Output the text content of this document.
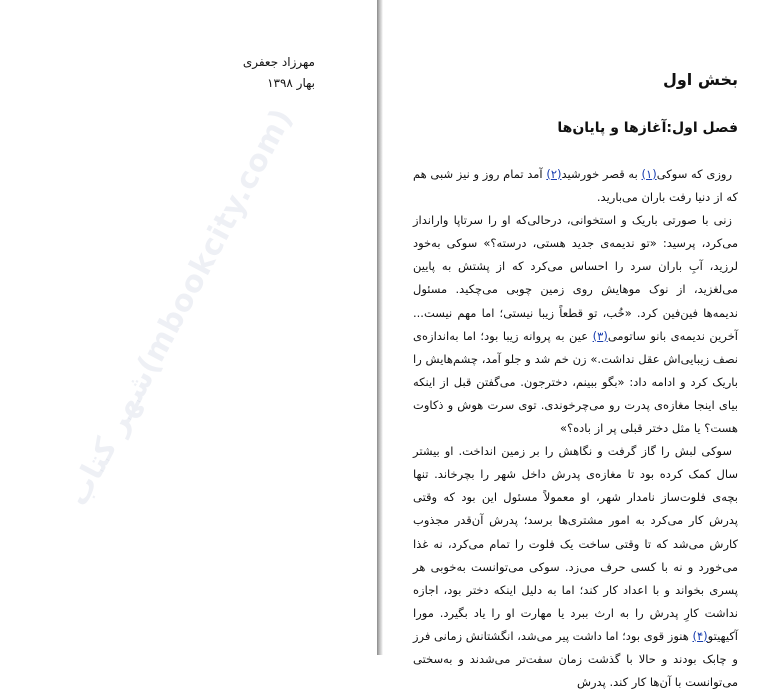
شهر کتاب(mbookcity.com)
مهرزاد جعفری
بهار ۱۳۹۸	بخش اول
فصل اول:آغازها و پایان‌ها

روزی که سوکی(۱) به قصر خورشید(۲) آمد تمام روز و نیز شبی هم که از دنیا رفت باران می‌بارید.

زنی با صورتی باریک و استخوانی، درحالی‌که او را سرتاپا وارانداز می‌کرد، پرسید: «تو ندیمه‌ی جدید هستی، درسته؟» سوکی به‌خود لرزید، آبِ باران سرد را احساس می‌کرد که از پشتش به پایین می‌لغزید، از نوک موهایش روی زمین چوبی می‌چکید. مسئول ندیمه‌ها فین‌فین کرد. «خُب، تو قطعاً زیبا نیستی؛ اما مهم نیست... آخرین ندیمه‌ی بانو ساتومی(۳) عین به پروانه زیبا بود؛ اما به‌اندازه‌ی نصف زیبایی‌اش عقل نداشت.» زن خم شد و جلو آمد، چشم‌هایش را باریک کرد و ادامه داد: «بگو ببینم، دخترجون. می‌گفتن قبل از اینکه بیای اینجا مغازه‌ی پدرت رو می‌چرخوندی. توی سرت هوش و ذکاوت هست؟ یا مثل دختر قبلی پر از باده؟»

سوکی لبش را گاز گرفت و نگاهش را بر زمین انداخت. او بیشتر سال کمک کرده بود تا مغازه‌ی پدرش داخل شهر را بچرخاند. تنها بچه‌ی فلوت‌ساز نامدار شهر، او معمولاً مسئول این بود که وقتی پدرش کار می‌کرد به امور مشتری‌ها برسد؛ پدرش آن‌قدر مجذوب کارش می‌شد که تا وقتی ساخت یک فلوت را تمام می‌کرد، نه غذا می‌خورد و نه با کسی حرف می‌زد. سوکی می‌توانست به‌خوبی هر پسری بخواند و با اعداد کار کند؛ اما به دلیل اینکه دختر بود، اجازه نداشت کارِ پدرش را به ارث ببرد یا مهارت او را یاد بگیرد. مورا آکیهیتو(۴) هنوز قوی بود؛ اما داشت پیر می‌شد، انگشتانش زمانی فرز و چابک بودند و حالا با گذشت زمان سفت‌تر می‌شدند و به‌سختی می‌توانست با آن‌ها کار کند. پدرش
